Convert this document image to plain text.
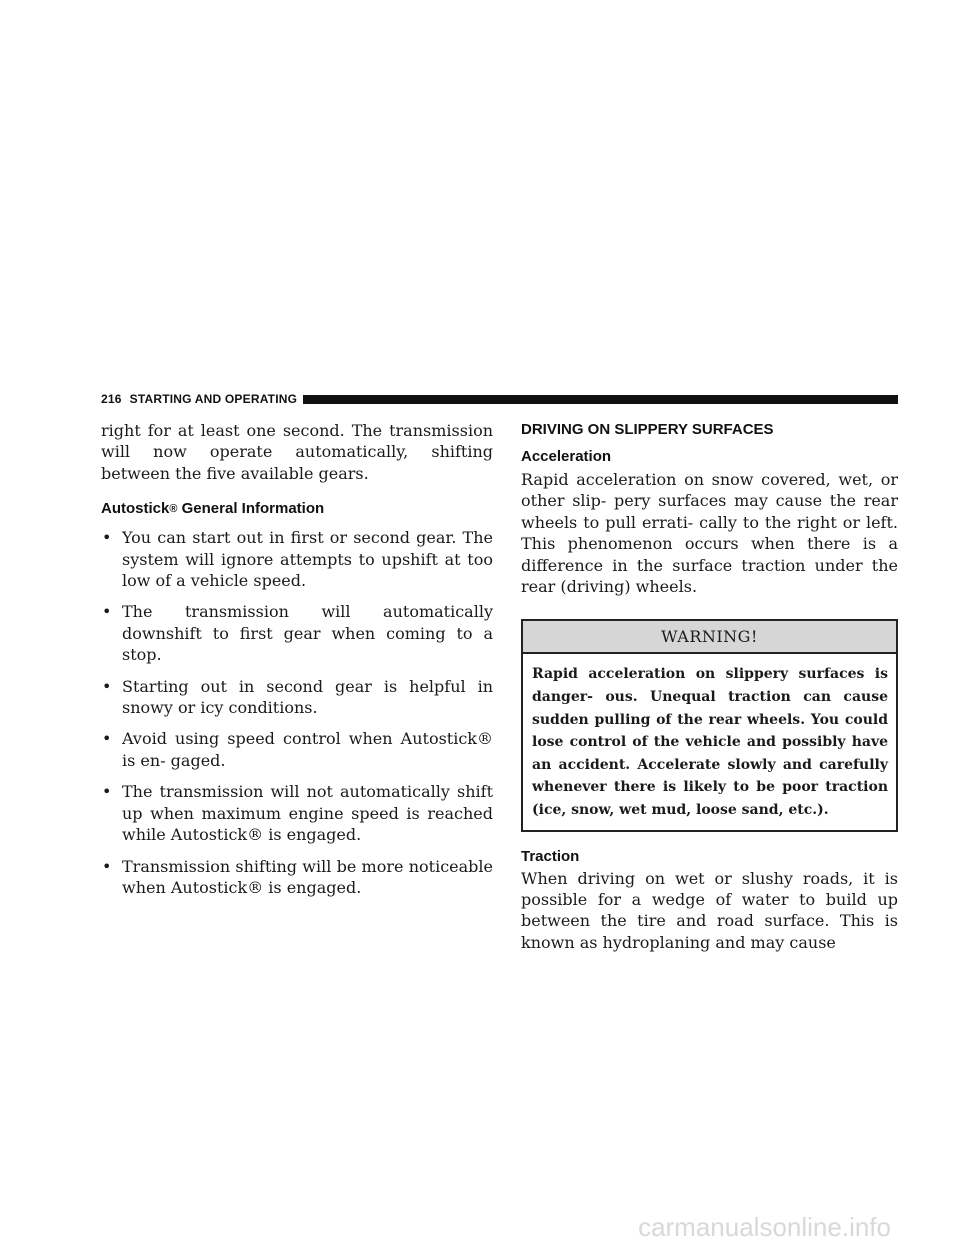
216 STARTING AND OPERATING

right for at least one second. The transmission will now operate automatically, shifting between the five available gears.

Autostick® General Information
• You can start out in first or second gear. The system will ignore attempts to upshift at too low of a vehicle speed.

• The transmission will automatically downshift to first gear when coming to a stop.

• Starting out in second gear is helpful in snowy or icy conditions.

• Avoid using speed control when Autostick® is en- gaged.

• The transmission will not automatically shift up when maximum engine speed is reached while Autostick® is engaged.

• Transmission shifting will be more noticeable when Autostick® is engaged.

DRIVING ON SLIPPERY SURFACES
Acceleration

Rapid acceleration on snow covered, wet, or other slip- pery surfaces may cause the rear wheels to pull errati- cally to the right or left. This phenomenon occurs when there is a difference in the surface traction under the rear (driving) wheels.

WARNING!
Rapid acceleration on slippery surfaces is danger- ous. Unequal traction can cause sudden pulling of the rear wheels. You could lose control of the vehicle and possibly have an accident. Accelerate slowly and carefully whenever there is likely to be poor traction (ice, snow, wet mud, loose sand, etc.).
Traction

When driving on wet or slushy roads, it is possible for a wedge of water to build up between the tire and road surface. This is known as hydroplaning and may cause

carmanualsonline.info
